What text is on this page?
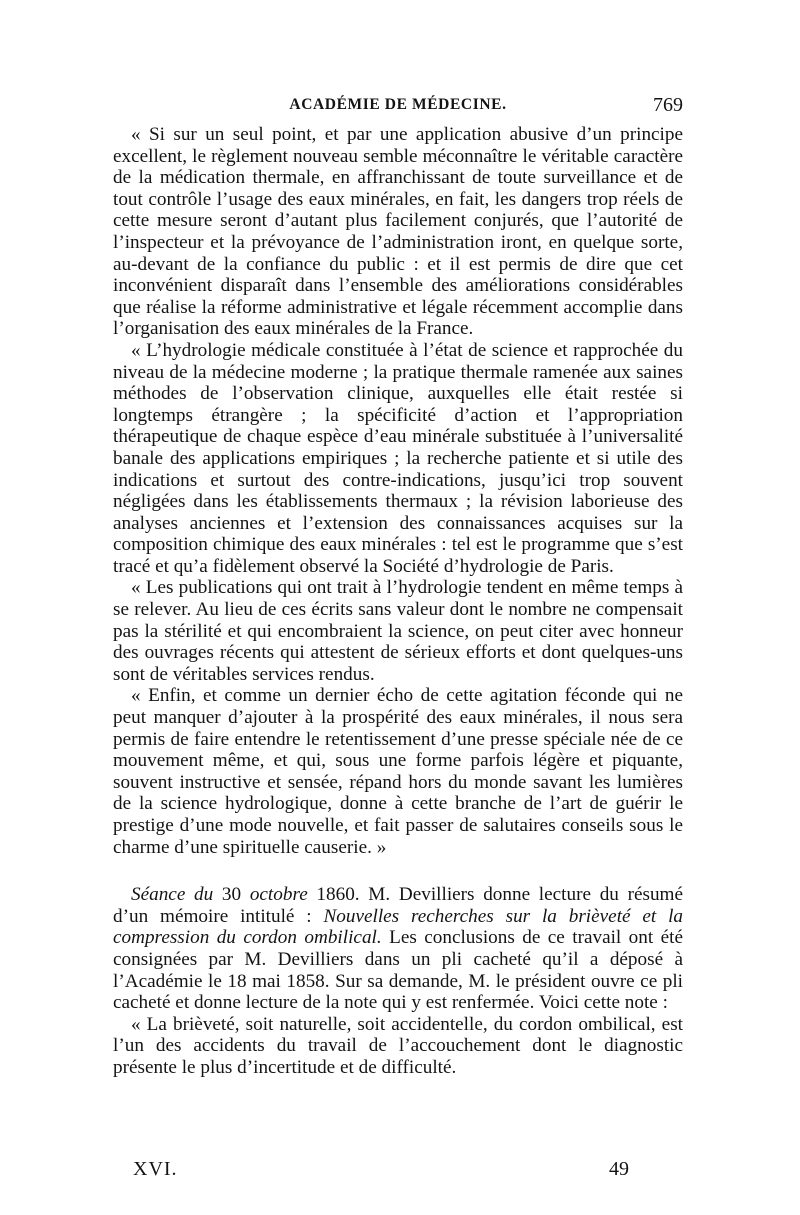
ACADÉMIE DE MÉDECINE.	769

« Si sur un seul point, et par une application abusive d’un principe excellent, le règlement nouveau semble méconnaître le véritable caractère de la médication thermale, en affranchissant de toute surveillance et de tout contrôle l’usage des eaux minérales, en fait, les dangers trop réels de cette mesure seront d’autant plus facilement conjurés, que l’autorité de l’inspecteur et la prévoyance de l’administration iront, en quelque sorte, au-devant de la confiance du public : et il est permis de dire que cet inconvénient disparaît dans l’ensemble des améliorations considérables que réalise la réforme administrative et légale récemment accomplie dans l’organisation des eaux minérales de la France.

« L’hydrologie médicale constituée à l’état de science et rapprochée du niveau de la médecine moderne ; la pratique thermale ramenée aux saines méthodes de l’observation clinique, auxquelles elle était restée si longtemps étrangère ; la spécificité d’action et l’appropriation thérapeutique de chaque espèce d’eau minérale substituée à l’universalité banale des applications empiriques ; la recherche patiente et si utile des indications et surtout des contre-indications, jusqu’ici trop souvent négligées dans les établissements thermaux ; la révision laborieuse des analyses anciennes et l’extension des connaissances acquises sur la composition chimique des eaux minérales : tel est le programme que s’est tracé et qu’a fidèlement observé la Société d’hydrologie de Paris.

« Les publications qui ont trait à l’hydrologie tendent en même temps à se relever. Au lieu de ces écrits sans valeur dont le nombre ne compensait pas la stérilité et qui encombraient la science, on peut citer avec honneur des ouvrages récents qui attestent de sérieux efforts et dont quelques-uns sont de véritables services rendus.

« Enfin, et comme un dernier écho de cette agitation féconde qui ne peut manquer d’ajouter à la prospérité des eaux minérales, il nous sera permis de faire entendre le retentissement d’une presse spéciale née de ce mouvement même, et qui, sous une forme parfois légère et piquante, souvent instructive et sensée, répand hors du monde savant les lumières de la science hydrologique, donne à cette branche de l’art de guérir le prestige d’une mode nouvelle, et fait passer de salutaires conseils sous le charme d’une spirituelle causerie. »

Séance du 30 octobre 1860. M. Devilliers donne lecture du résumé d’un mémoire intitulé : Nouvelles recherches sur la brièveté et la compression du cordon ombilical. Les conclusions de ce travail ont été consignées par M. Devilliers dans un pli cacheté qu’il a déposé à l’Académie le 18 mai 1858. Sur sa demande, M. le président ouvre ce pli cacheté et donne lecture de la note qui y est renfermée. Voici cette note :

« La brièveté, soit naturelle, soit accidentelle, du cordon ombilical, est l’un des accidents du travail de l’accouchement dont le diagnostic présente le plus d’incertitude et de difficulté.

XVI.	49
